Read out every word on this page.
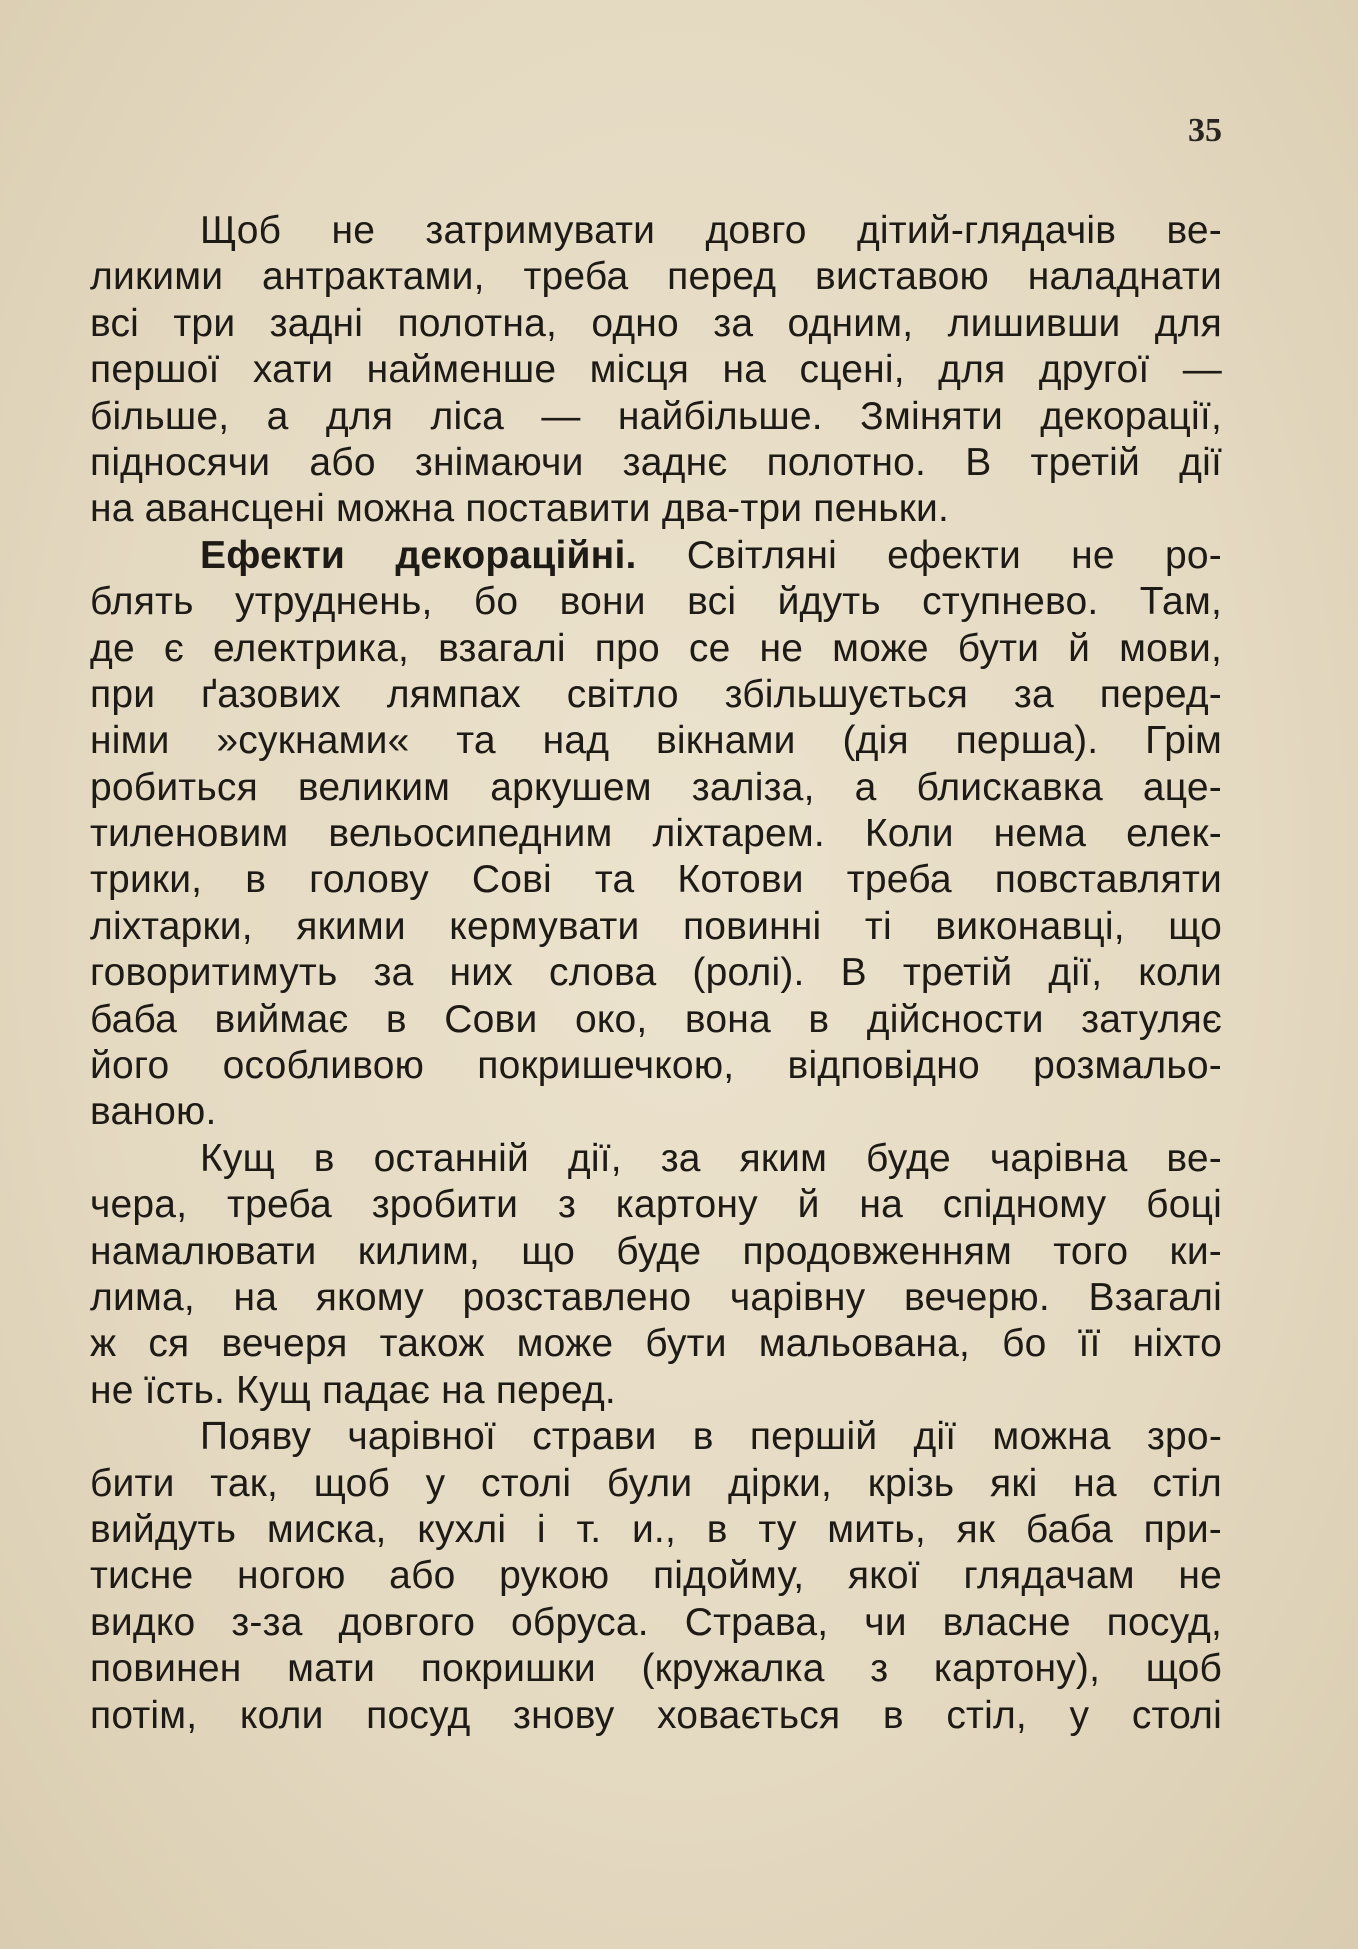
35
Щоб не затримувати довго дітий-глядачів ве-
ликими антрактами, треба перед виставою наладнати
всі три задні полотна, одно за одним, лишивши для
першої хати найменше місця на сцені, для другої —
більше, а для ліса — найбільше. Зміняти декорації,
підносячи або знімаючи заднє полотно. В третій дії
на авансцені можна поставити два-три пеньки.
Ефекти декораційні. Світляні ефекти не ро-
блять утруднень, бо вони всі йдуть ступнево. Там,
де є електрика, взагалі про се не може бути й мови,
при ґазових лямпах світло збільшується за перед-
німи »сукнами« та над вікнами (дія перша). Грім
робиться великим аркушем заліза, а блискавка аце-
тиленовим вельосипедним ліхтарем. Коли нема елек-
трики, в голову Сові та Котови треба повставляти
ліхтарки, якими кермувати повинні ті виконавці, що
говоритимуть за них слова (ролі). В третій дії, коли
баба виймає в Сови око, вона в дійсности затуляє
його особливою покришечкою, відповідно розмальо-
ваною.
Кущ в останній дії, за яким буде чарівна ве-
чера, треба зробити з картону й на спідному боці
намалювати килим, що буде продовженням того ки-
лима, на якому розставлено чарівну вечерю. Взагалі
ж ся вечеря також може бути мальована, бо її ніхто
не їсть. Кущ падає на перед.
Появу чарівної страви в першій дії можна зро-
бити так, щоб у столі були дірки, крізь які на стіл
вийдуть миска, кухлі і т. и., в ту мить, як баба при-
тисне ногою або рукою підойму, якої глядачам не
видко з-за довгого обруса. Страва, чи власне посуд,
повинен мати покришки (кружалка з картону), щоб
потім, коли посуд знову ховається в стіл, у столі
